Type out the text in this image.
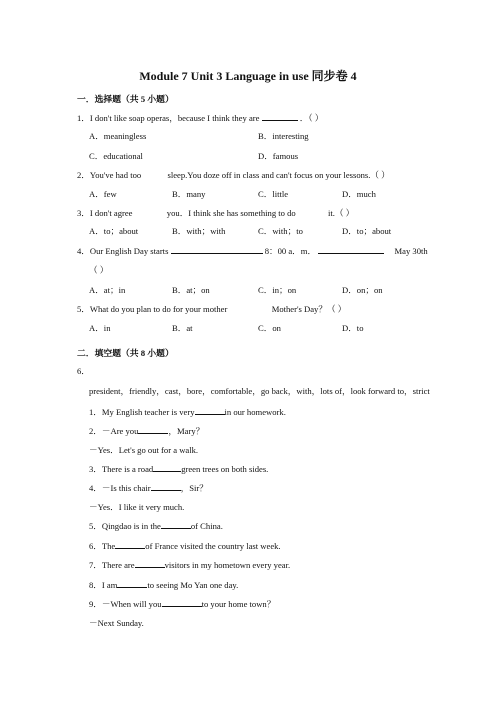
Module 7 Unit 3 Language in use 同步卷 4
一．选择题（共 5 小题）
1．I don't like soap operas，because I think they are	．（ ）
A．meaningless	B．interesting
C．educational	D．famous
2．You've had too	sleep.You doze off in class and can't focus on your lessons.（ ）
A．few	B．many	C．little	D．much
3．I don't agree	you．I think she has something to do	it.（ ）
A．to；about	B．with；with	C．with；to	D．to；about
4．Our English Day starts	8：00 a．m．	May 30th
（ ）
A．at；in	B．at；on	C．in；on	D．on；on
5．What do you plan to do for your mother	Mother's Day？（ ）
A．in	B．at	C．on	D．to
二．填空题（共 8 小题）
6．
president，friendly，cast，bore，comfortable，go back，with，lots of，look forward to，strict
1．My English teacher is very	in our homework.
2．－Are you	，Mary？
－Yes．Let's go out for a walk.
3．There is a road	green trees on both sides.
4．－Is this chair	，Sir？
－Yes．I like it very much.
5．Qingdao is in the	of China.
6．The	of France visited the country last week.
7．There are	visitors in my hometown every year.
8．I am	to seeing Mo Yan one day.
9．－When will you	to your home town？
－Next Sunday.
